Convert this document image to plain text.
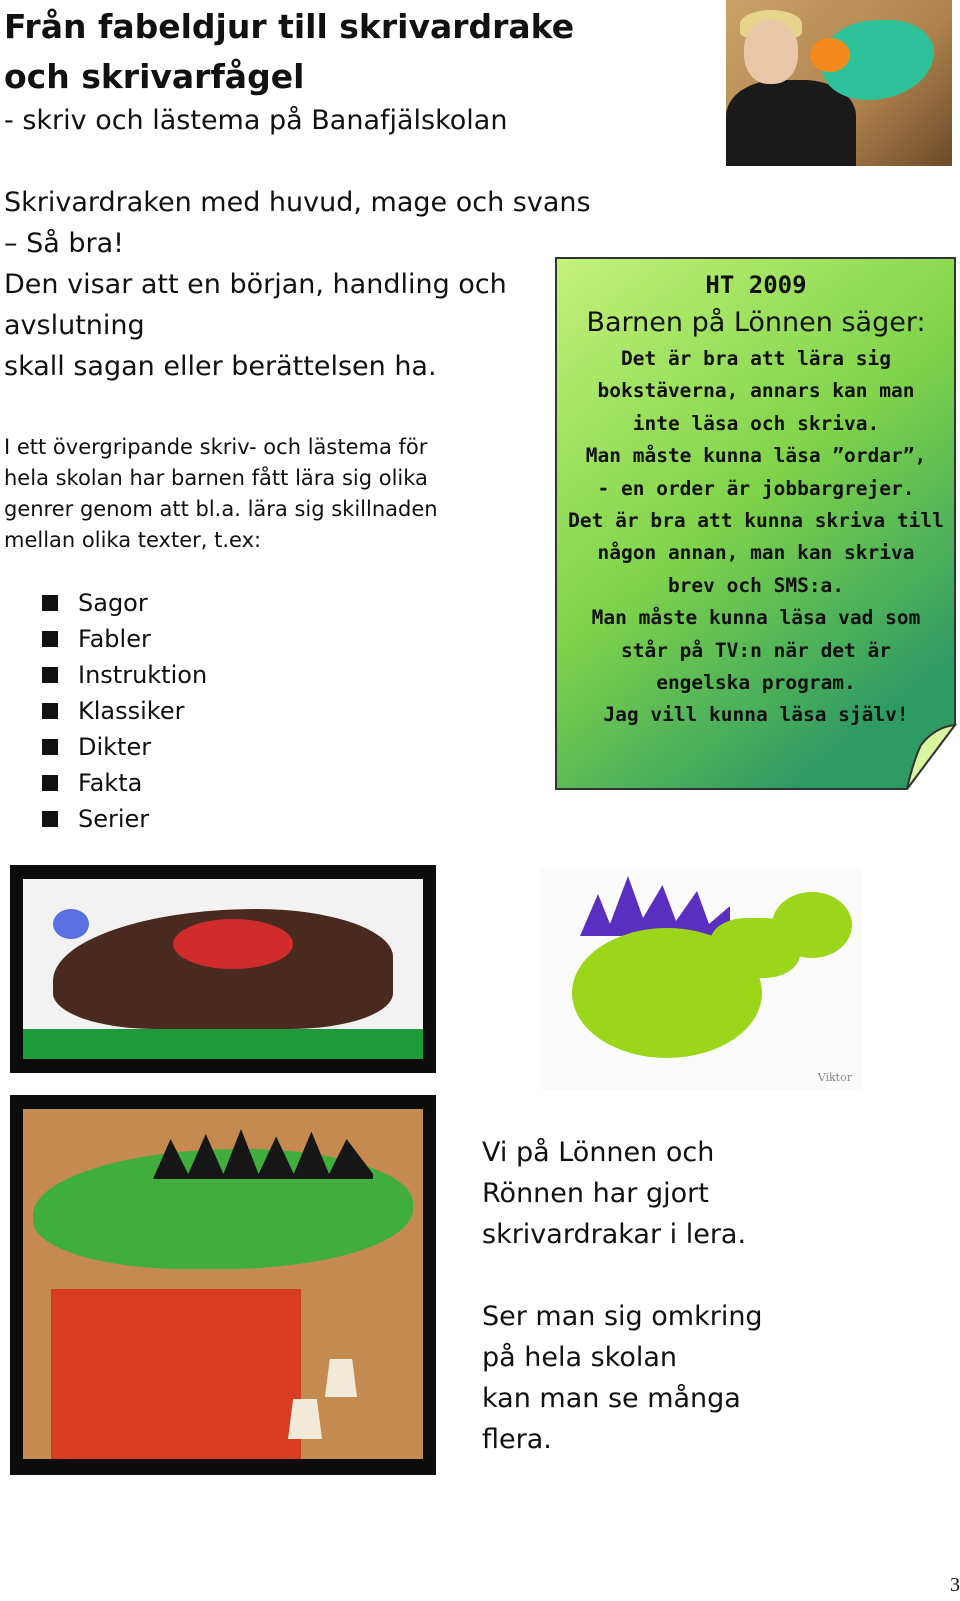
Från fabeldjur till skrivardrake
och skrivarfågel
- skriv och lästema på Banafjälskolan
Skrivardraken med huvud, mage och svans
– Så bra!
Den visar att en början, handling och
avslutning
skall sagan eller berättelsen ha.

I ett övergripande skriv- och lästema för hela skolan har barnen fått lära sig olika genrer genom att bl.a. lära sig skillnaden mellan olika texter, t.ex:

Sagor
Fabler
Instruktion
Klassiker
Dikter
Fakta
Serier
HT 2009
Barnen på Lönnen säger:
Det är bra att lära sig
bokstäverna, annars kan man
inte läsa och skriva.
Man måste kunna läsa ”ordar”,
- en order är jobbargrejer.
Det är bra att kunna skriva till
någon annan, man kan skriva
brev och SMS:a.
Man måste kunna läsa vad som
står på TV:n när det är
engelska program.
Jag vill kunna läsa själv!
Viktor
Vi på Lönnen och
Rönnen har gjort
skrivardrakar i lera.
Ser man sig omkring
på hela skolan
kan man se många
flera.
3
